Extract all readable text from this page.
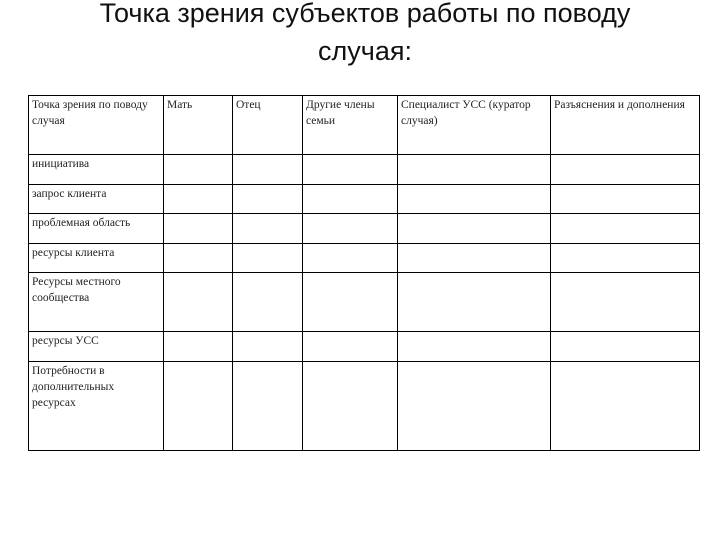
Точка зрения субъектов работы по поводу
случая:
Точка зрения по поводу случая	Мать	Отец	Другие члены семьи	Специалист УСС (куратор случая)	Разъяснения и дополнения
инициатива					
запрос клиента					
проблемная область					
ресурсы клиента					
Ресурсы местного сообщества					
ресурсы УСС					
Потребности в дополнительных ресурсах					
